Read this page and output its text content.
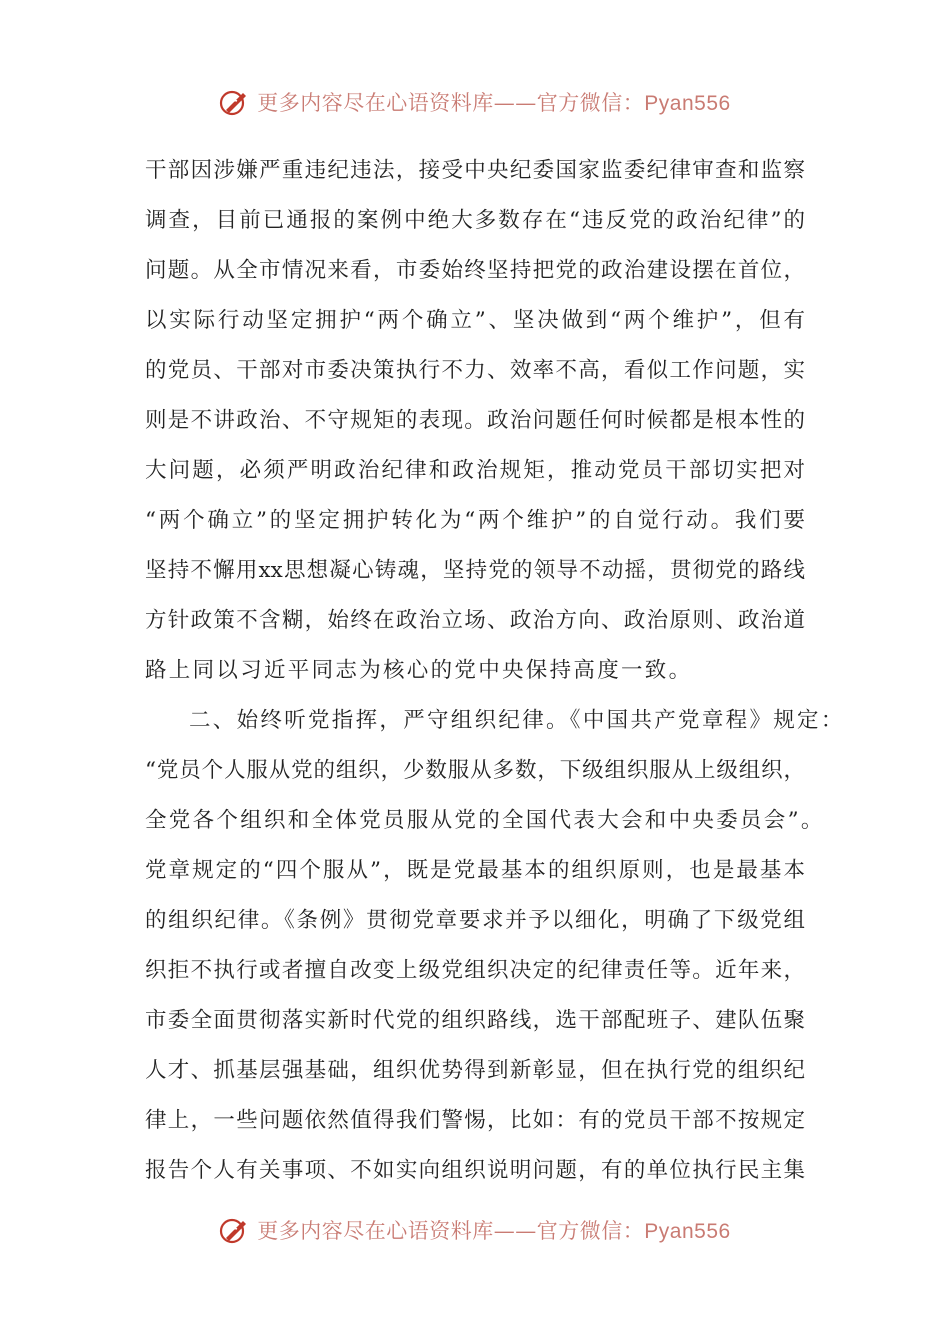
更多内容尽在心语资料库——官方微信：Pyan556
干部因涉嫌严重违纪违法，接受中央纪委国家监委纪律审查和监察
调查，目前已通报的案例中绝大多数存在“违反党的政治纪律”的
问题。从全市情况来看，市委始终坚持把党的政治建设摆在首位，
以实际行动坚定拥护“两个确立”、坚决做到“两个维护”，但有
的党员、干部对市委决策执行不力、效率不高，看似工作问题，实
则是不讲政治、不守规矩的表现。政治问题任何时候都是根本性的
大问题，必须严明政治纪律和政治规矩，推动党员干部切实把对
“两个确立”的坚定拥护转化为“两个维护”的自觉行动。我们要
坚持不懈用xx思想凝心铸魂，坚持党的领导不动摇，贯彻党的路线
方针政策不含糊，始终在政治立场、政治方向、政治原则、政治道
路上同以习近平同志为核心的党中央保持高度一致。
二、始终听党指挥，严守组织纪律。《中国共产党章程》规定：
“党员个人服从党的组织，少数服从多数，下级组织服从上级组织，
全党各个组织和全体党员服从党的全国代表大会和中央委员会”。
党章规定的“四个服从”，既是党最基本的组织原则，也是最基本
的组织纪律。《条例》贯彻党章要求并予以细化，明确了下级党组
织拒不执行或者擅自改变上级党组织决定的纪律责任等。近年来，
市委全面贯彻落实新时代党的组织路线，选干部配班子、建队伍聚
人才、抓基层强基础，组织优势得到新彰显，但在执行党的组织纪
律上，一些问题依然值得我们警惕，比如：有的党员干部不按规定
报告个人有关事项、不如实向组织说明问题，有的单位执行民主集
更多内容尽在心语资料库——官方微信：Pyan556
